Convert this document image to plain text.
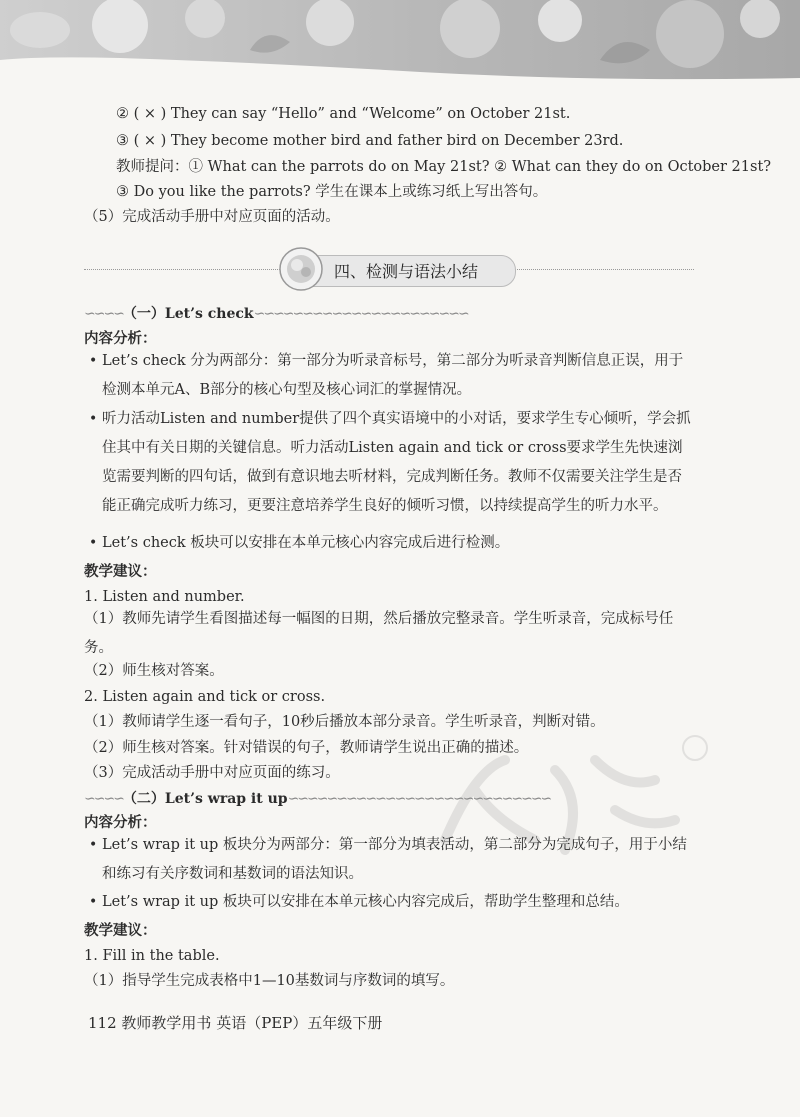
② ( × ) They can say “Hello” and “Welcome” on October 21st.
③ ( × ) They become mother bird and father bird on December 23rd.
教师提问：① What can the parrots do on May 21st? ② What can they do on October 21st?
③ Do you like the parrots? 学生在课本上或练习纸上写出答句。
（5）完成活动手册中对应页面的活动。
四、检测与语法小结
∽∽∽∽（一）Let’s check∽∽∽∽∽∽∽∽∽∽∽∽∽∽∽∽∽∽∽∽∽∽
内容分析：
• Let’s check 分为两部分：第一部分为听录音标号，第二部分为听录音判断信息正误，用于检测本单元A、B部分的核心句型及核心词汇的掌握情况。
• 听力活动Listen and number提供了四个真实语境中的小对话，要求学生专心倾听，学会抓住其中有关日期的关键信息。听力活动Listen again and tick or cross要求学生先快速浏览需要判断的四句话，做到有意识地去听材料，完成判断任务。教师不仅需要关注学生是否能正确完成听力练习，更要注意培养学生良好的倾听习惯，以持续提高学生的听力水平。
• Let’s check 板块可以安排在本单元核心内容完成后进行检测。
教学建议：
1. Listen and number.
（1）教师先请学生看图描述每一幅图的日期，然后播放完整录音。学生听录音，完成标号任务。
（2）师生核对答案。
2. Listen again and tick or cross.
（1）教师请学生逐一看句子，10秒后播放本部分录音。学生听录音，判断对错。
（2）师生核对答案。针对错误的句子，教师请学生说出正确的描述。
（3）完成活动手册中对应页面的练习。
∽∽∽∽（二）Let’s wrap it up∽∽∽∽∽∽∽∽∽∽∽∽∽∽∽∽∽∽∽∽∽∽∽∽∽∽∽
内容分析：
• Let’s wrap it up 板块分为两部分：第一部分为填表活动，第二部分为完成句子，用于小结和练习有关序数词和基数词的语法知识。
• Let’s wrap it up 板块可以安排在本单元核心内容完成后，帮助学生整理和总结。
教学建议：
1. Fill in the table.
（1）指导学生完成表格中1—10基数词与序数词的填写。
112 教师教学用书 英语（PEP）五年级下册
